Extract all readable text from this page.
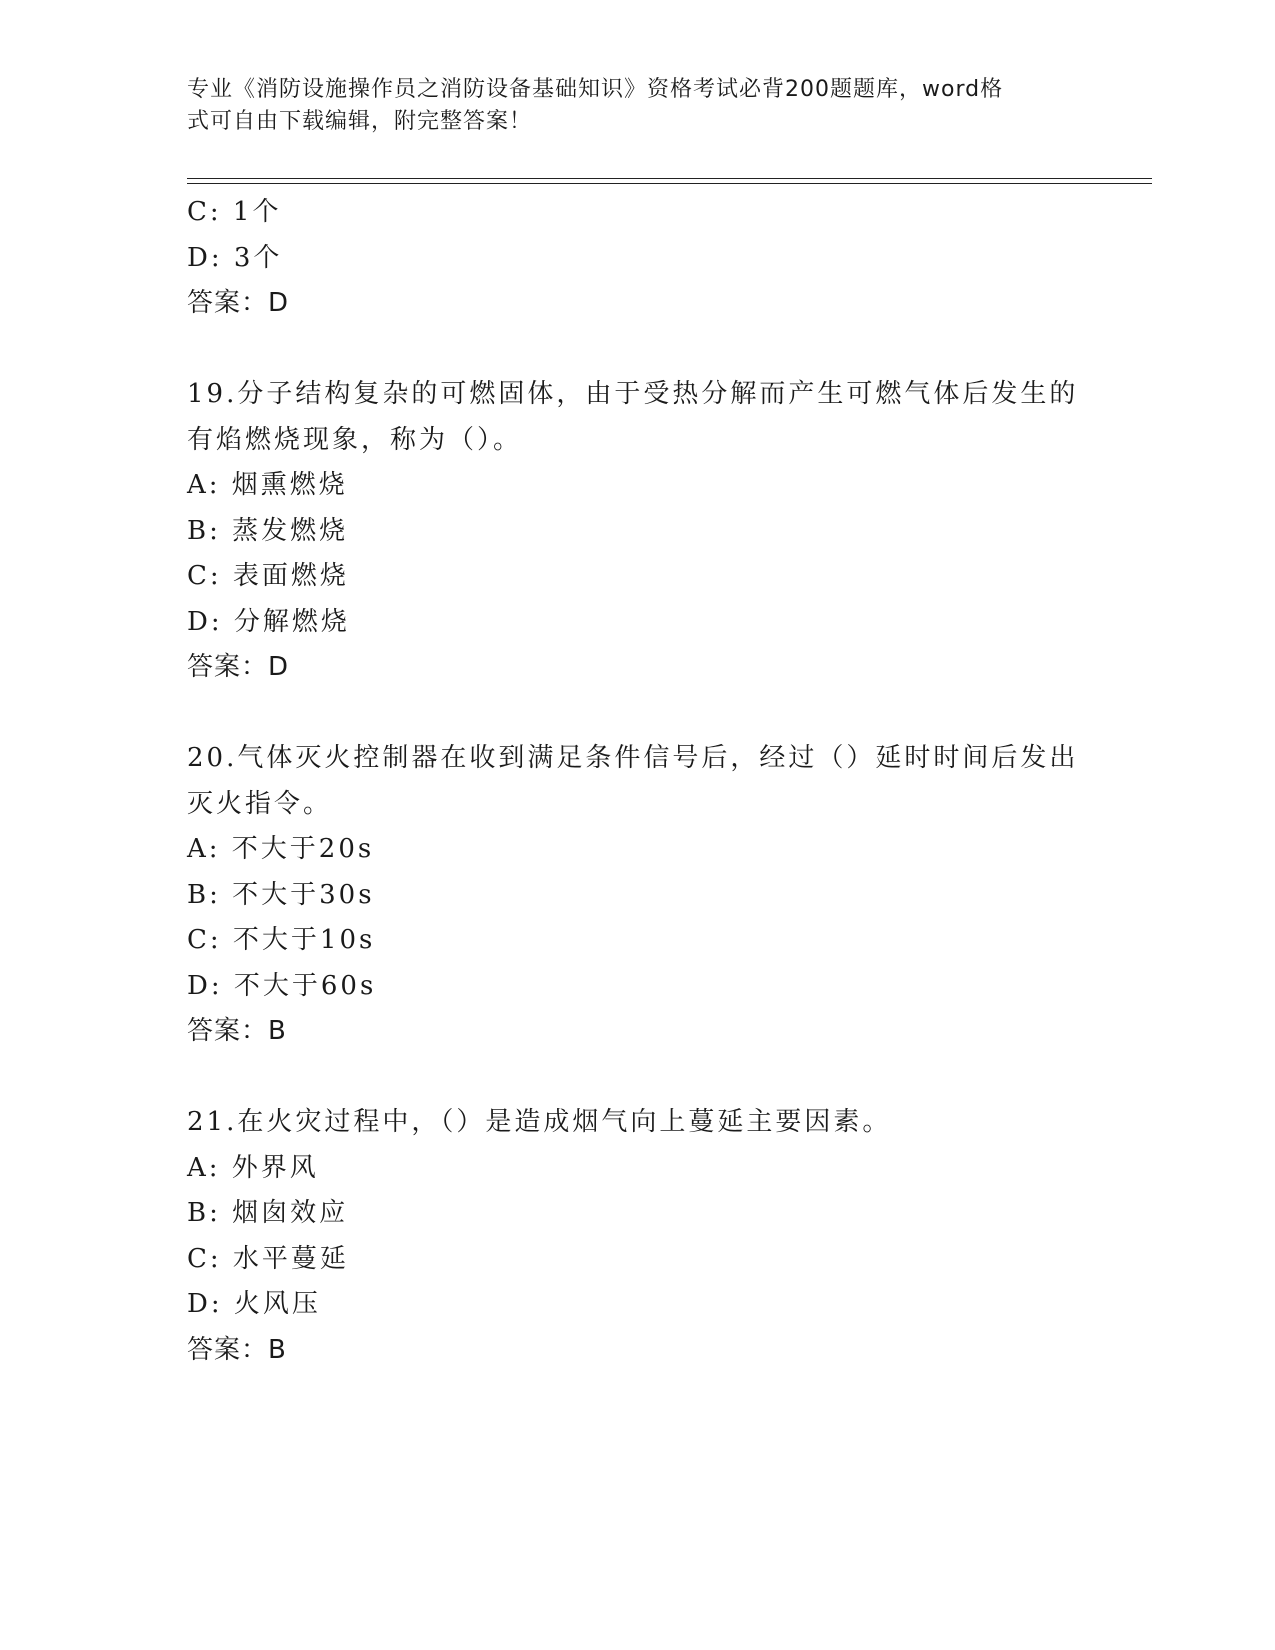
专业《消防设施操作员之消防设备基础知识》资格考试必背200题题库，word格
式可自由下载编辑，附完整答案！
C: 1个
D: 3个
答案：D
19.分子结构复杂的可燃固体，由于受热分解而产生可燃气体后发生的
有焰燃烧现象，称为（）。
A: 烟熏燃烧
B: 蒸发燃烧
C: 表面燃烧
D: 分解燃烧
答案：D
20.气体灭火控制器在收到满足条件信号后，经过（）延时时间后发出
灭火指令。
A: 不大于20s
B: 不大于30s
C: 不大于10s
D: 不大于60s
答案：B
21.在火灾过程中，（）是造成烟气向上蔓延主要因素。
A: 外界风
B: 烟囱效应
C: 水平蔓延
D: 火风压
答案：B
